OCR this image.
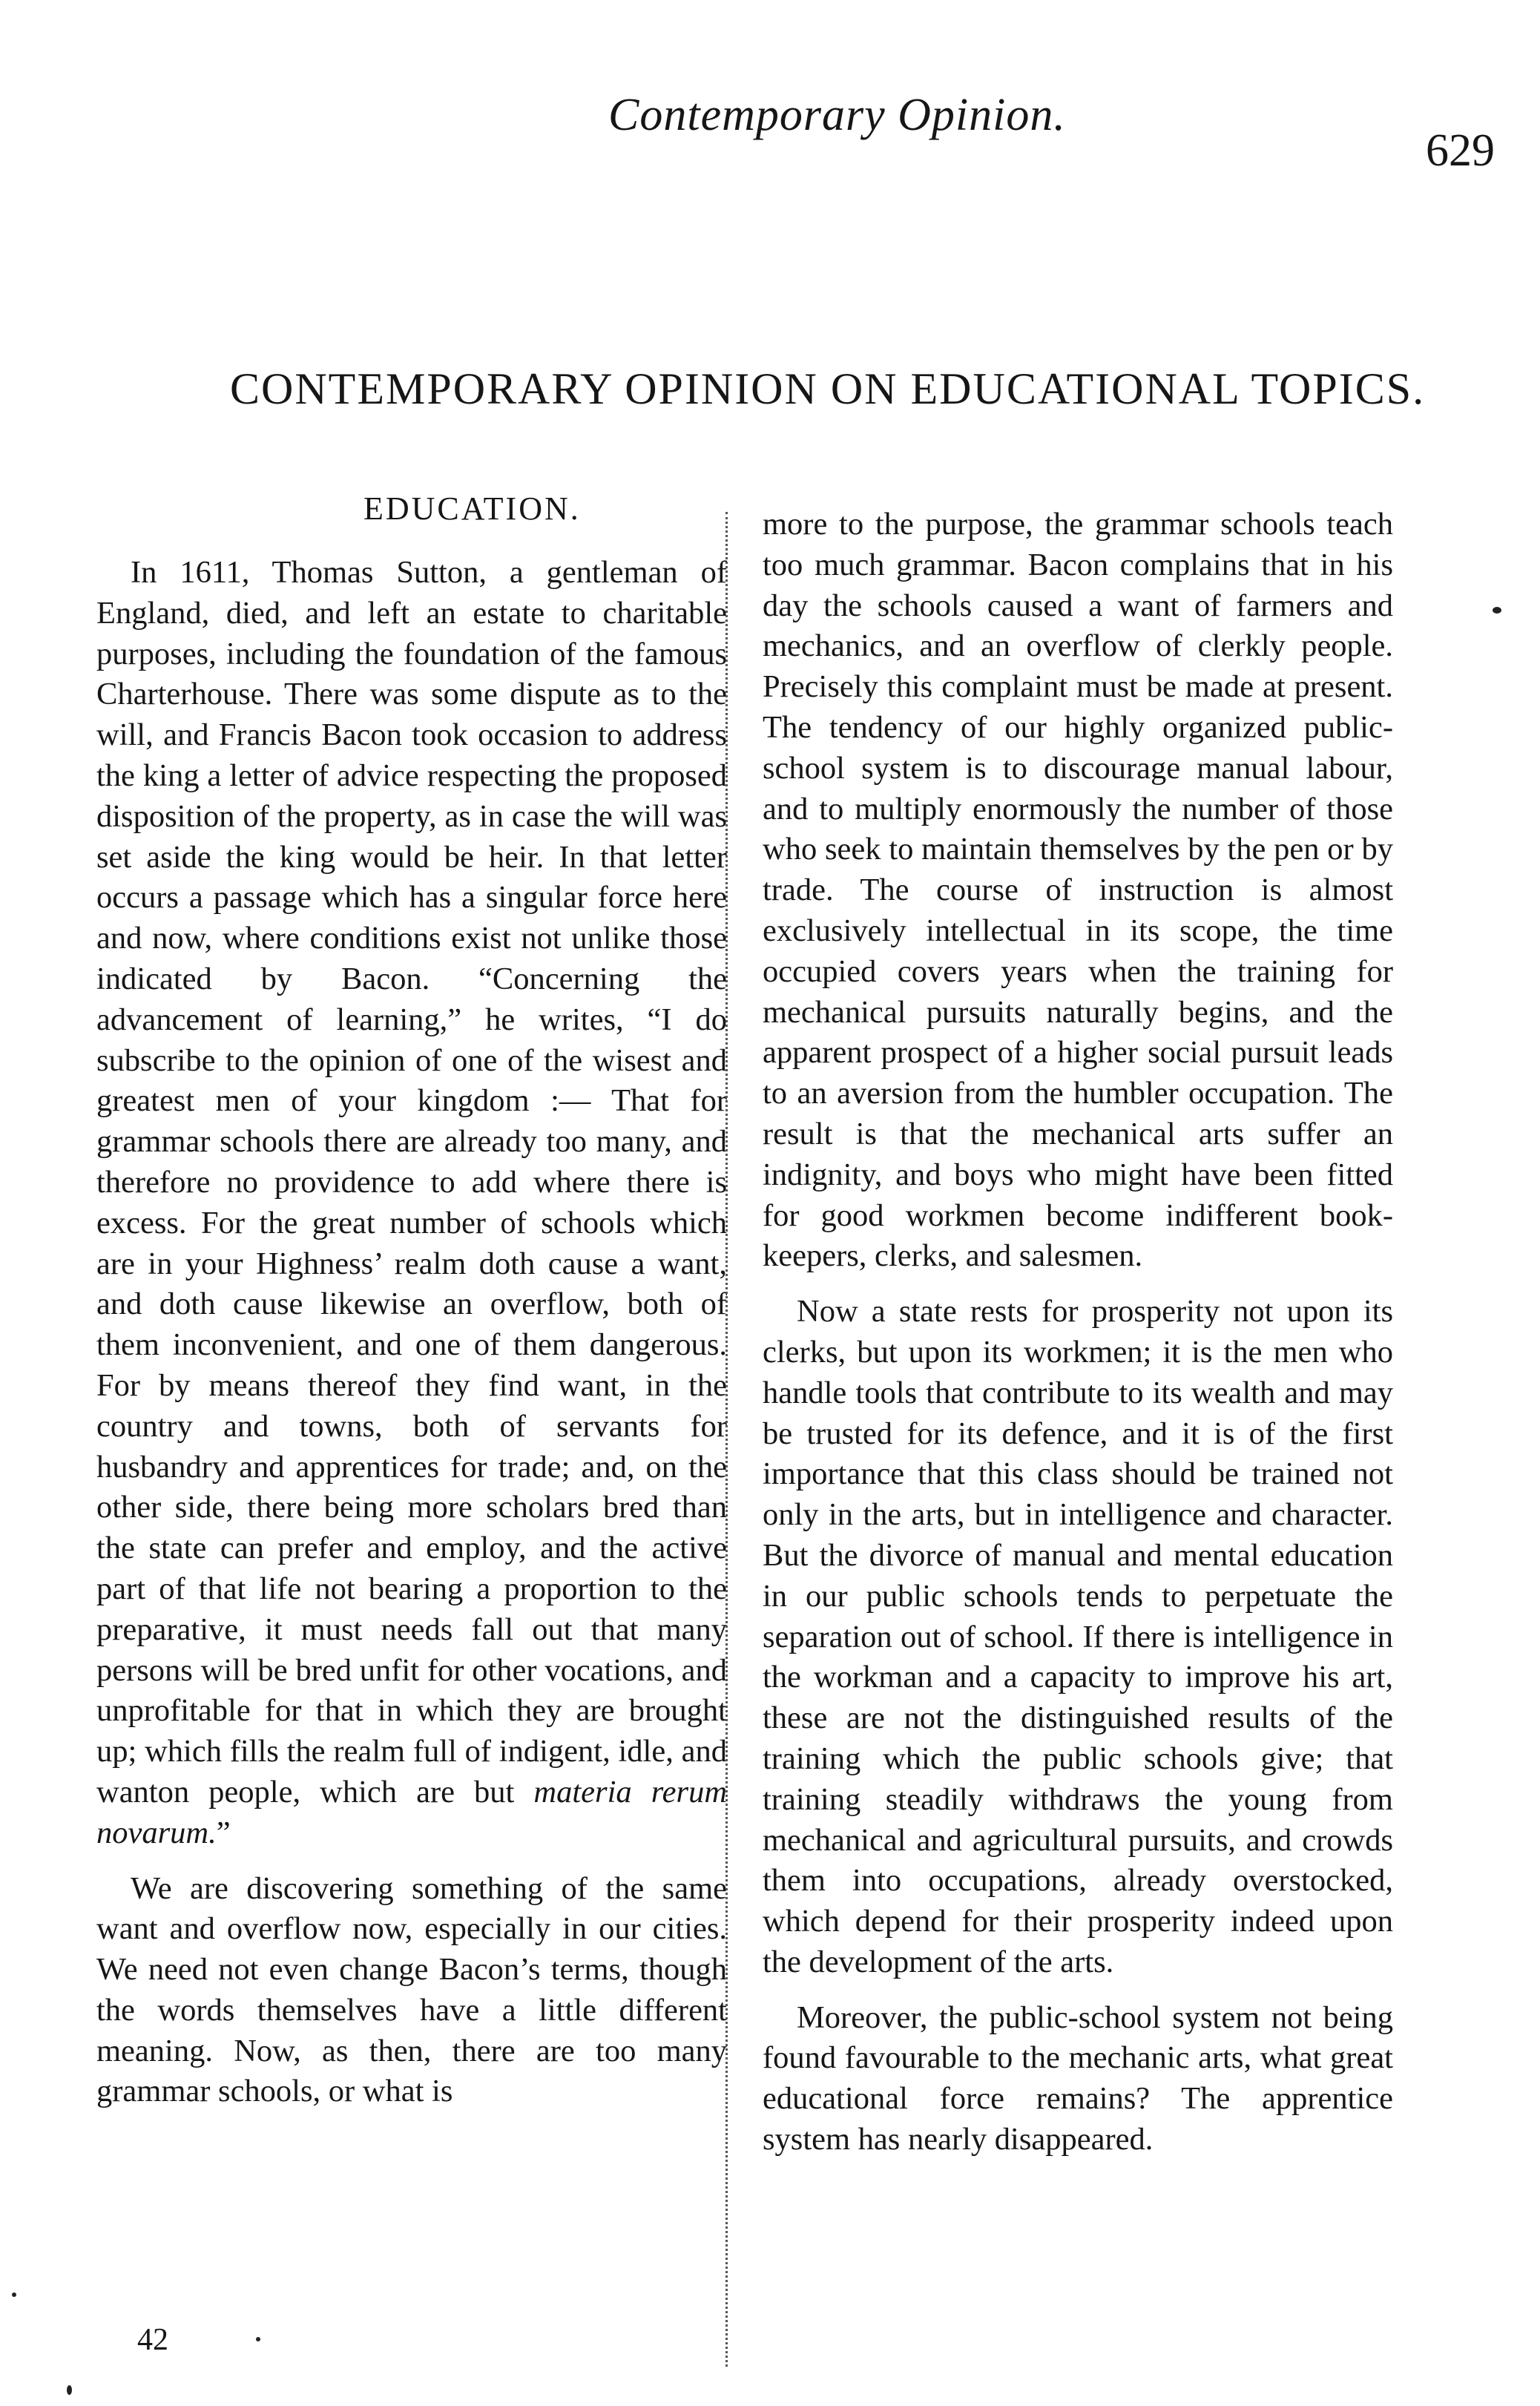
Contemporary Opinion.
629
CONTEMPORARY OPINION ON EDUCATIONAL TOPICS.
EDUCATION.

In 1611, Thomas Sutton, a gentleman of England, died, and left an estate to charitable purposes, including the foundation of the famous Charterhouse. There was some dispute as to the will, and Francis Bacon took occasion to address the king a letter of advice respecting the proposed disposition of the property, as in case the will was set aside the king would be heir. In that letter occurs a passage which has a singular force here and now, where conditions exist not unlike those indicated by Bacon. “Concerning the advancement of learning,” he writes, “I do subscribe to the opinion of one of the wisest and greatest men of your kingdom :— That for grammar schools there are already too many, and therefore no providence to add where there is excess. For the great number of schools which are in your Highness’ realm doth cause a want, and doth cause likewise an overflow, both of them inconvenient, and one of them dangerous. For by means thereof they find want, in the country and towns, both of servants for husbandry and apprentices for trade; and, on the other side, there being more scholars bred than the state can prefer and employ, and the active part of that life not bearing a proportion to the preparative, it must needs fall out that many persons will be bred unfit for other vocations, and unprofitable for that in which they are brought up; which fills the realm full of indigent, idle, and wanton people, which are but materia rerum novarum.”

We are discovering something of the same want and overflow now, especially in our cities. We need not even change Bacon’s terms, though the words themselves have a little different meaning. Now, as then, there are too many grammar schools, or what is

more to the purpose, the grammar schools teach too much grammar. Bacon complains that in his day the schools caused a want of farmers and mechanics, and an overflow of clerkly people. Precisely this complaint must be made at present. The tendency of our highly organized public-school system is to discourage manual labour, and to multiply enormously the number of those who seek to maintain themselves by the pen or by trade. The course of instruction is almost exclusively intellectual in its scope, the time occupied covers years when the training for mechanical pursuits naturally begins, and the apparent prospect of a higher social pursuit leads to an aversion from the humbler occupation. The result is that the mechanical arts suffer an indignity, and boys who might have been fitted for good workmen become indifferent book-keepers, clerks, and salesmen.

Now a state rests for prosperity not upon its clerks, but upon its workmen; it is the men who handle tools that contribute to its wealth and may be trusted for its defence, and it is of the first importance that this class should be trained not only in the arts, but in intelligence and character. But the divorce of manual and mental education in our public schools tends to perpetuate the separation out of school. If there is intelligence in the workman and a capacity to improve his art, these are not the distinguished results of the training which the public schools give; that training steadily withdraws the young from mechanical and agricultural pursuits, and crowds them into occupations, already overstocked, which depend for their prosperity indeed upon the development of the arts.

Moreover, the public-school system not being found favourable to the mechanic arts, what great educational force remains? The apprentice system has nearly disappeared.

42
